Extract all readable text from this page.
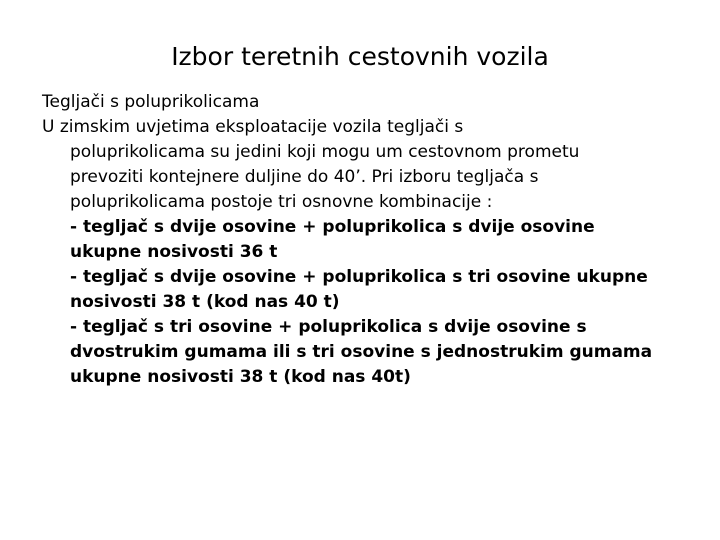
Izbor teretnih cestovnih vozila
Tegljači s poluprikolicama
U zimskim uvjetima eksploatacije vozila tegljači s
poluprikolicama su jedini koji mogu um cestovnom prometu
prevoziti kontejnere duljine do 40’. Pri izboru tegljača s
poluprikolicama postoje tri osnovne kombinacije :
- tegljač s dvije osovine + poluprikolica s dvije osovine
ukupne nosivosti 36 t
- tegljač s dvije osovine + poluprikolica s tri osovine ukupne
nosivosti 38 t (kod nas 40 t)
- tegljač s tri osovine + poluprikolica s dvije osovine s
dvostrukim gumama ili s tri osovine s jednostrukim gumama
ukupne nosivosti 38 t (kod nas 40t)
